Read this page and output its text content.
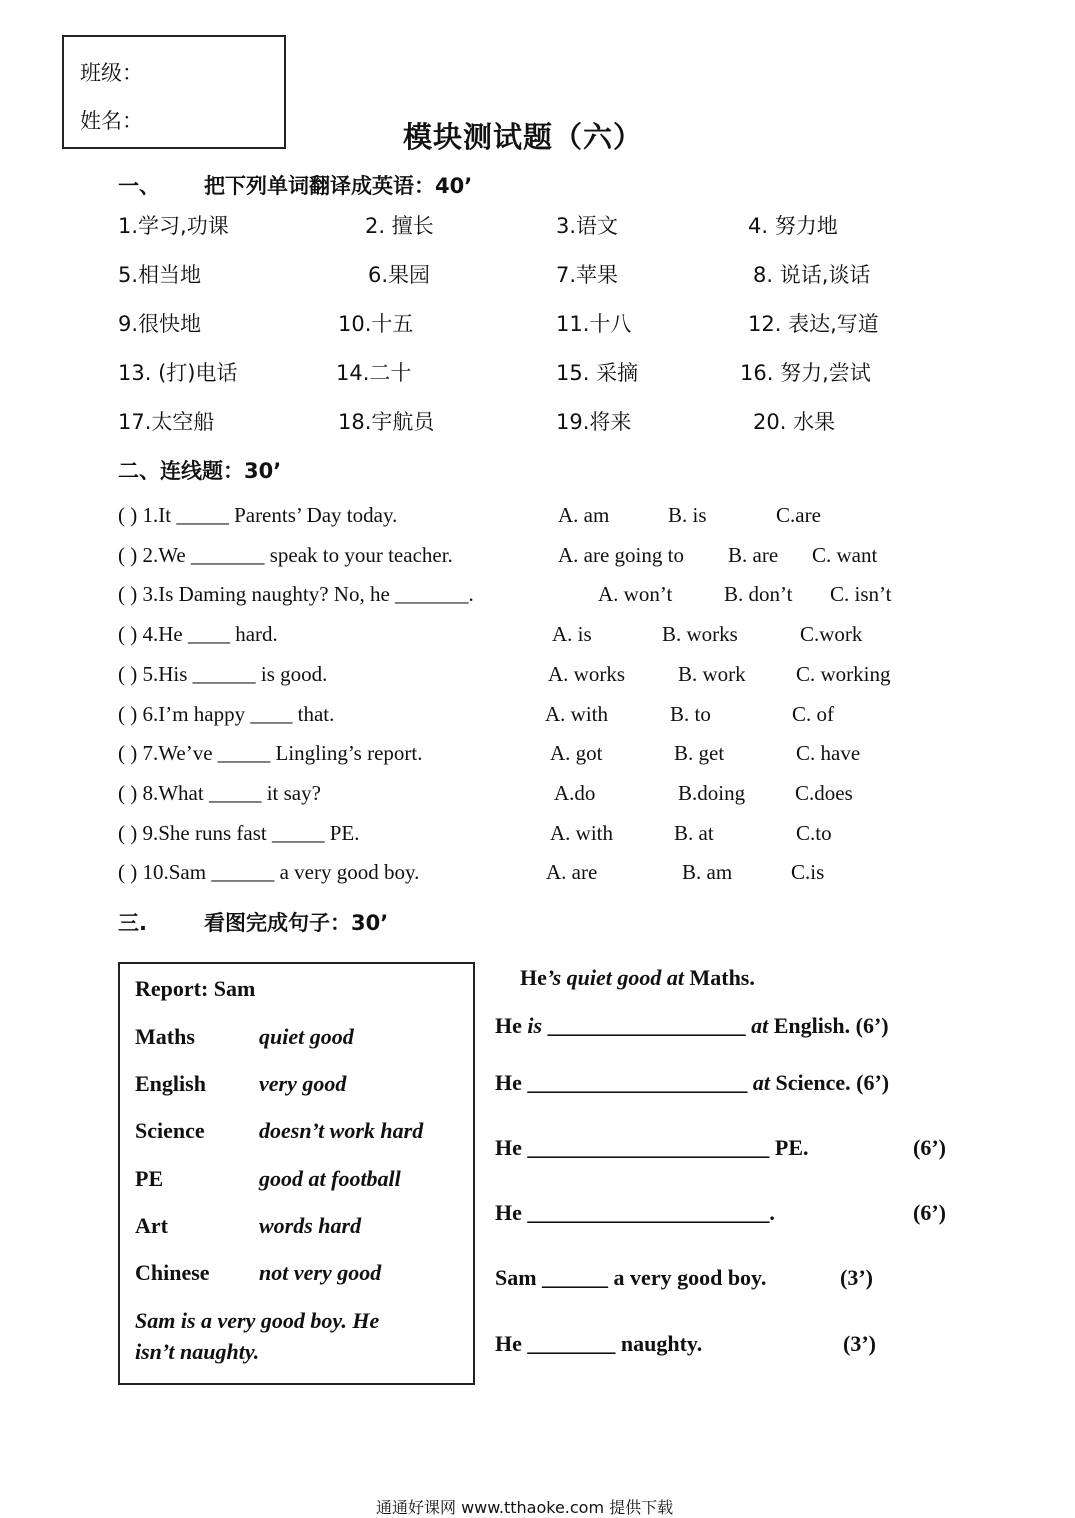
班级：
姓名：	模块测试题（六）
一、 把下列单词翻译成英语：40’
1.学习,功课	2. 擅长	3.语文	4. 努力地
5.相当地	6.果园	7.苹果	8. 说话,谈话
9.很快地	10.十五	11.十八	12. 表达,写道
13. (打)电话	14.二十	15. 采摘	16. 努力,尝试
17.太空船	18.宇航员	19.将来	20. 水果
二、连线题：30’
( ) 1.It _____ Parents’ Day today.	A. am	B. is	C.are
( ) 2.We _______ speak to your teacher.	A. are going to B. are C. want
( ) 3.Is Daming naughty? No, he _______.	A. won’t B. don’t C. isn’t
( ) 4.He ____ hard.	A. is	B. works	C.work
( ) 5.His ______ is good.	A. works	B. work C. working
( ) 6.I’m happy ____ that.	A. with	B. to	C. of
( ) 7.We’ve _____ Lingling’s report.	A. got	B. get	C. have
( ) 8.What _____ it say?	A.do	B.doing C.does
( ) 9.She runs fast _____ PE.	A. with	B. at	C.to
( ) 10.Sam ______ a very good boy.	A. are	B. am	C.is
三.	看图完成句子：30’
Report: Sam
Maths	quiet good
English very good
Science doesn’t work hard
PE	good at football
Art	words hard
Chinese not very good
Sam is a very good boy. He
isn’t naughty.
He’s quiet good at Maths.
He is __________________ at English. (6’)
He ____________________ at Science. (6’)
He ______________________ PE.	(6’)
He ______________________.	(6’)
Sam ______ a very good boy.	(3’)
He ________ naughty.	(3’)
通通好课网 www.tthaoke.com 提供下载
